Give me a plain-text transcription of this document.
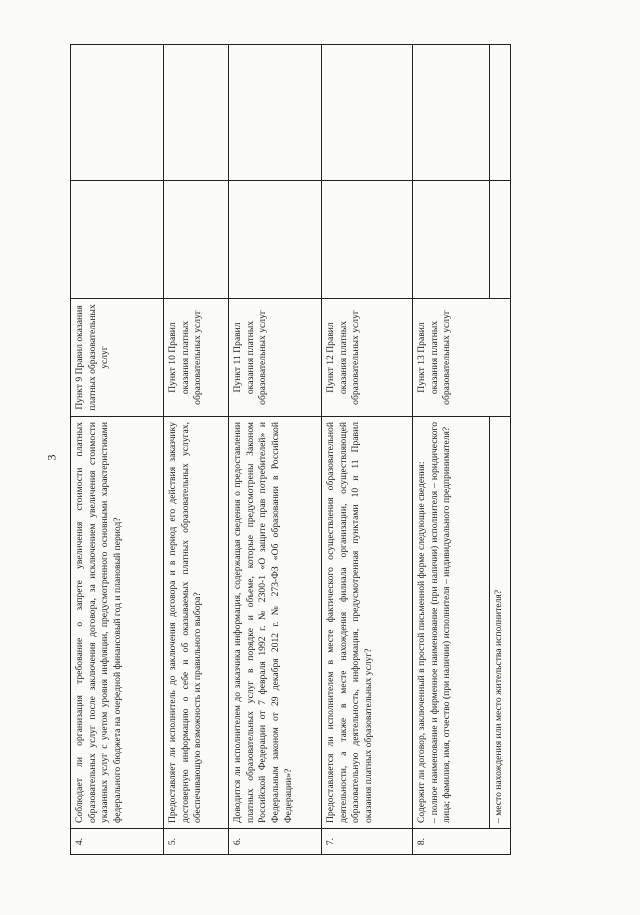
3
4.	Соблюдает ли организация требование о запрете увеличения стоимости платных образовательных услуг после заключения договора, за исключением увеличения стоимости указанных услуг с учетом уровня инфляции, предусмотренного основными характеристиками федерального бюджета на очередной финансовый год и плановый период?	Пункт 9 Правил оказания платных образовательных услуг		
5.	Предоставляет ли исполнитель до заключения договора и в период его действия заказчику достоверную информацию о себе и об оказываемых платных образовательных услугах, обеспечивающую возможность их правильного выбора?	Пункт 10 Правил оказания платных образовательных услуг		
6.	Доводится ли исполнителем до заказчика информация, содержащая сведения о предоставлении платных образовательных услуг в порядке и объеме, которые предусмотрены Законом Российской Федерации от 7 февраля 1992 г. № 2300-1 «О защите прав потребителей» и Федеральным законом от 29 декабря 2012 г. № 273-ФЗ «Об образовании в Российской Федерации»?	Пункт 11 Правил оказания платных образовательных услуг		
7.	Предоставляется ли исполнителем в месте фактического осуществления образовательной деятельности, а также в месте нахождения филиала организации, осуществляющей образовательную деятельность, информация, предусмотренная пунктами 10 и 11 Правил оказания платных образовательных услуг?	Пункт 12 Правил оказания платных образовательных услуг		
8.	Содержит ли договор, заключенный в простой письменной форме следующие сведения: – полное наименование и фирменное наименование (при наличии) исполнителя – юридического лица; фамилия, имя, отчество (при наличии) исполнителя – индивидуального предпринимателя?	Пункт 13 Правил оказания платных образовательных услуг		
	– место нахождения или место жительства исполнителя?			
